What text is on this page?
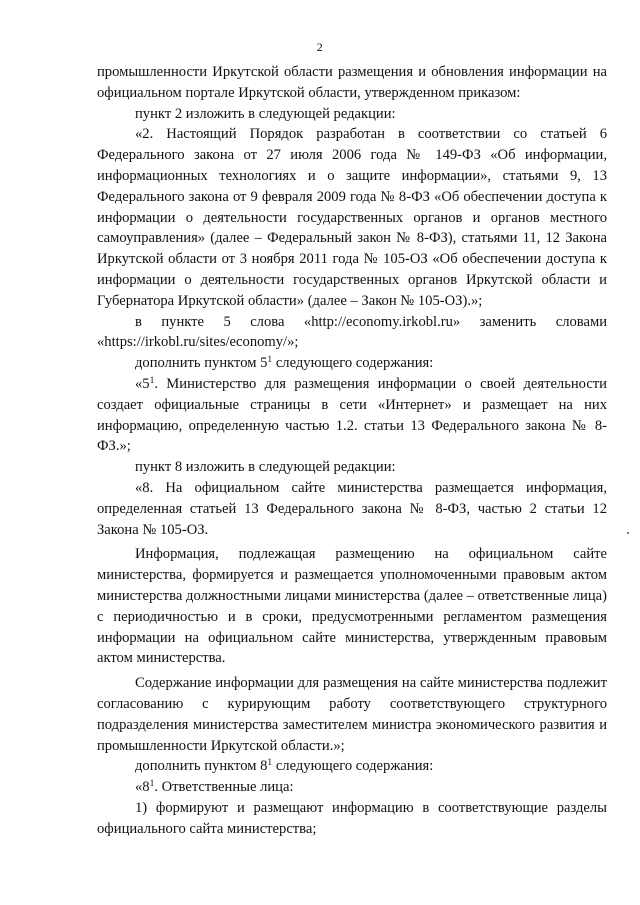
2

промышленности Иркутской области размещения и обновления информации на официальном портале Иркутской области, утвержденном приказом:

пункт 2 изложить в следующей редакции:

«2. Настоящий Порядок разработан в соответствии со статьей 6 Федерального закона от 27 июля 2006 года № 149-ФЗ «Об информации, информационных технологиях и о защите информации», статьями 9, 13 Федерального закона от 9 февраля 2009 года № 8-ФЗ «Об обеспечении доступа к информации о деятельности государственных органов и органов местного самоуправления» (далее – Федеральный закон № 8-ФЗ), статьями 11, 12 Закона Иркутской области от 3 ноября 2011 года № 105-ОЗ «Об обеспечении доступа к информации о деятельности государственных органов Иркутской области и Губернатора Иркутской области» (далее – Закон № 105-ОЗ).»;

в пункте 5 слова «http://economy.irkobl.ru» заменить словами «https://irkobl.ru/sites/economy/»;

дополнить пунктом $5^1$ следующего содержания:

«$5^1$. Министерство для размещения информации о своей деятельности создает официальные страницы в сети «Интернет» и размещает на них информацию, определенную частью 1.2. статьи 13 Федерального закона № 8-ФЗ.»;

пункт 8 изложить в следующей редакции:

«8. На официальном сайте министерства размещается информация, определенная статьей 13 Федерального закона № 8-ФЗ, частью 2 статьи 12 Закона № 105-ОЗ.

Информация, подлежащая размещению на официальном сайте министерства, формируется и размещается уполномоченными правовым актом министерства должностными лицами министерства (далее – ответственные лица) с периодичностью и в сроки, предусмотренными регламентом размещения информации на официальном сайте министерства, утвержденным правовым актом министерства.

Содержание информации для размещения на сайте министерства подлежит согласованию с курирующим работу соответствующего структурного подразделения министерства заместителем министра экономического развития и промышленности Иркутской области.»;

дополнить пунктом $8^1$ следующего содержания:

«$8^1$. Ответственные лица:

1) формируют и размещают информацию в соответствующие разделы официального сайта министерства;
